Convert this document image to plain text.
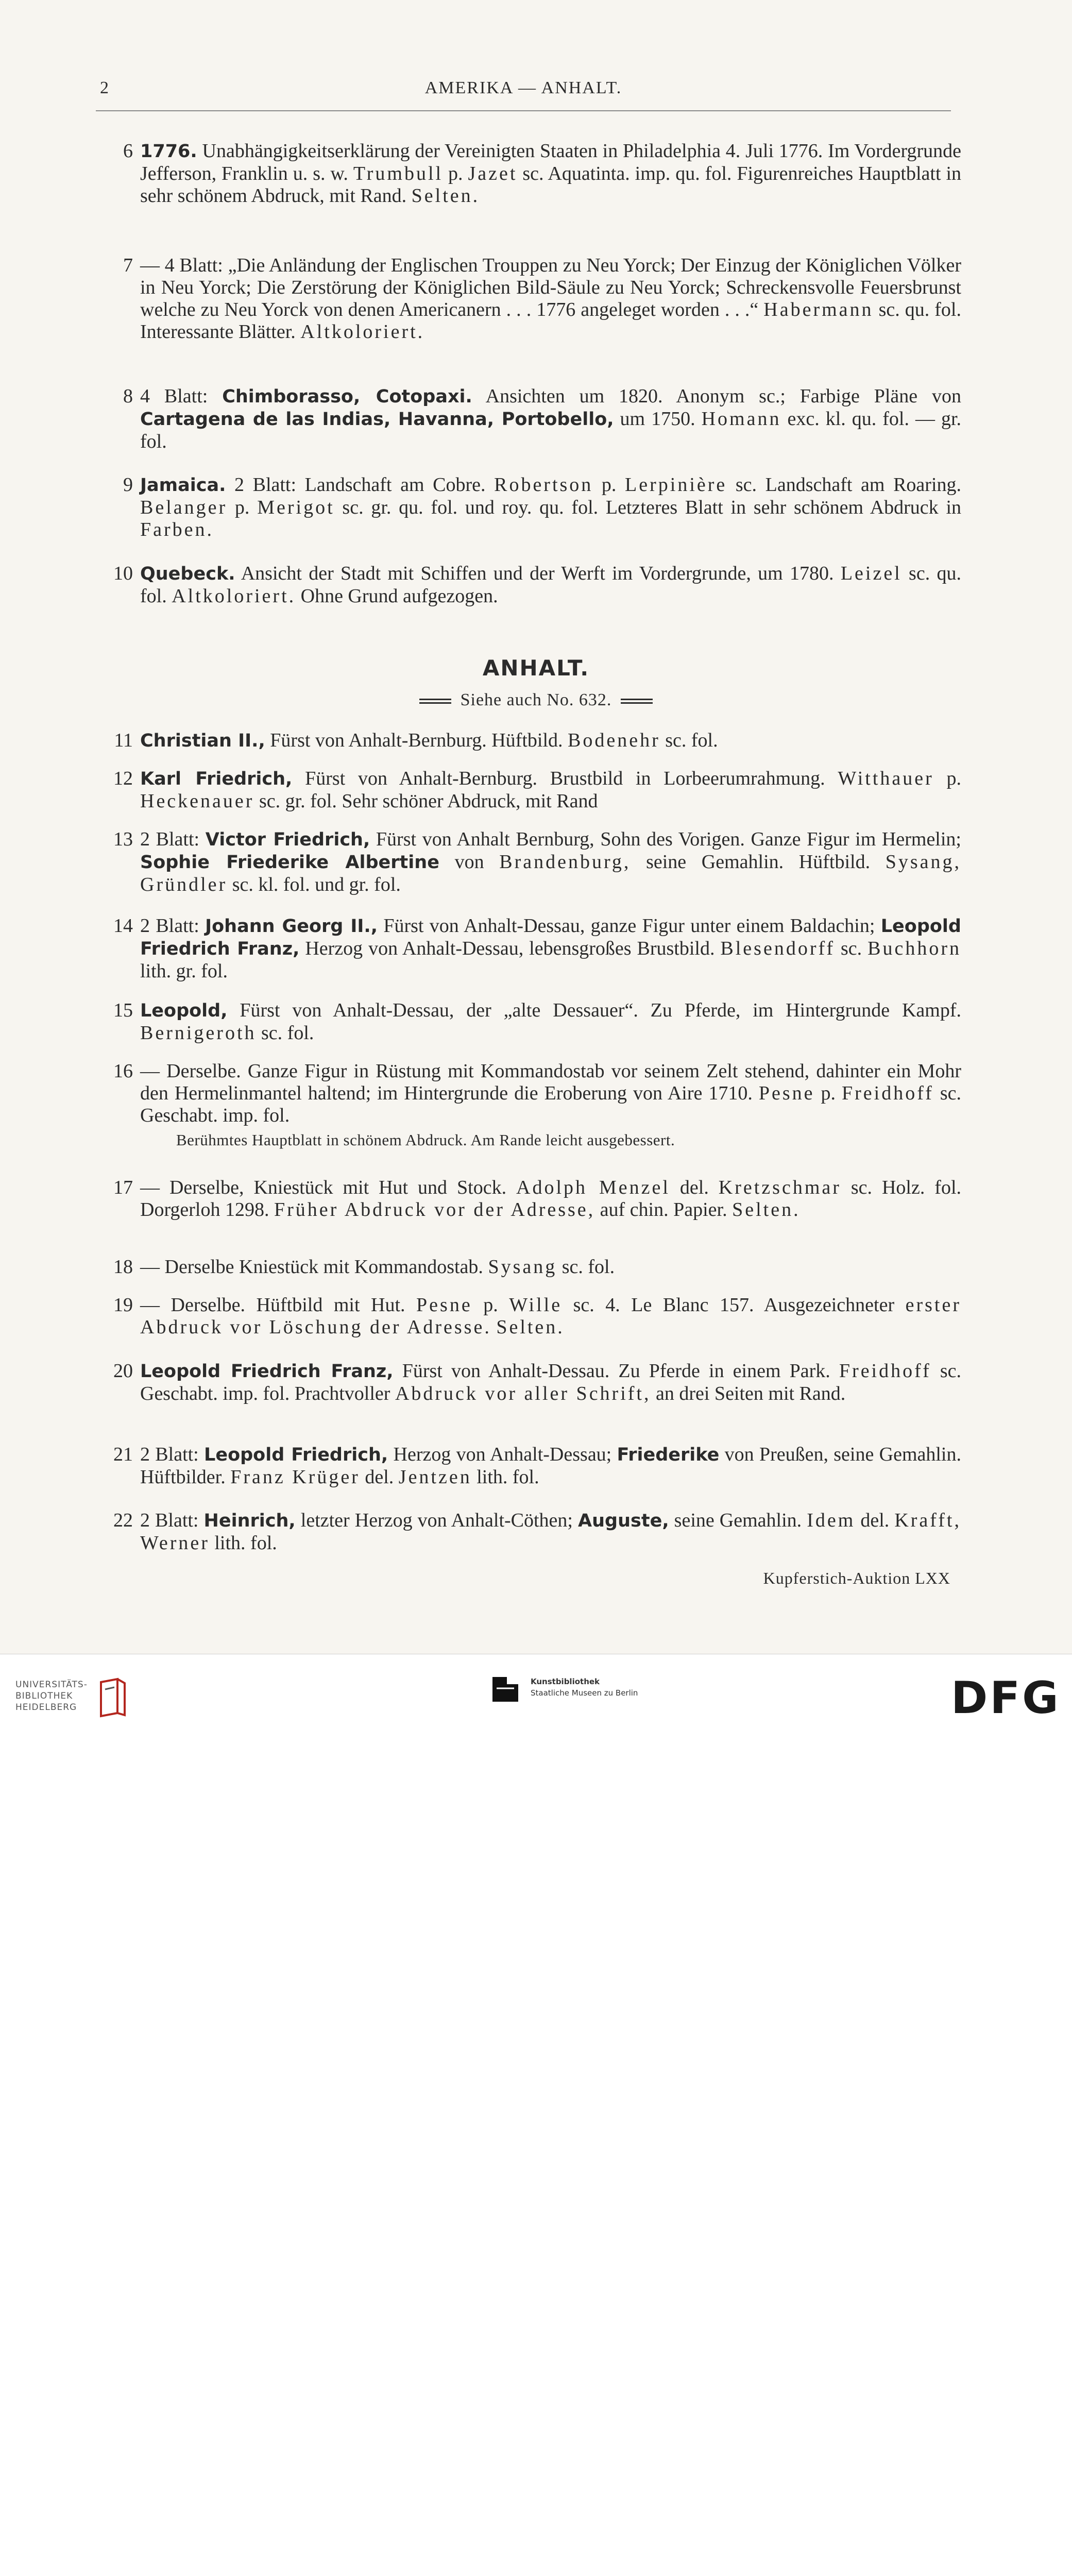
2	AMERIKA — ANHALT.
6 1776. Unabhängigkeitserklärung der Vereinigten Staaten in Philadelphia 4. Juli 1776. Im Vordergrunde Jefferson, Franklin u. s. w. Trumbull p. Jazet sc. Aquatinta. imp. qu. fol. Figurenreiches Hauptblatt in sehr schönem Abdruck, mit Rand. Selten.
7 — 4 Blatt: „Die Anländung der Englischen Trouppen zu Neu Yorck; Der Einzug der Königlichen Völker in Neu Yorck; Die Zerstörung der Königlichen Bild-Säule zu Neu Yorck; Schreckensvolle Feuersbrunst welche zu Neu Yorck von denen Americanern . . . 1776 angeleget worden . . .“ Habermann sc. qu. fol. Interessante Blätter. Altkoloriert.
8 4 Blatt: Chimborasso, Cotopaxi. Ansichten um 1820. Anonym sc.; Farbige Pläne von Cartagena de las Indias, Havanna, Portobello, um 1750. Homann exc. kl. qu. fol. — gr. fol.
9 Jamaica. 2 Blatt: Landschaft am Cobre. Robertson p. Lerpinière sc. Landschaft am Roaring. Belanger p. Merigot sc. gr. qu. fol. und roy. qu. fol. Letzteres Blatt in sehr schönem Abdruck in Farben.
10 Quebeck. Ansicht der Stadt mit Schiffen und der Werft im Vordergrunde, um 1780. Leizel sc. qu. fol. Altkoloriert. Ohne Grund aufgezogen.
ANHALT.
Siehe auch No. 632.
11 Christian II., Fürst von Anhalt-Bernburg. Hüftbild. Bodenehr sc. fol.
12 Karl Friedrich, Fürst von Anhalt-Bernburg. Brustbild in Lorbeerumrahmung. Witthauer p. Heckenauer sc. gr. fol. Sehr schöner Abdruck, mit Rand
13 2 Blatt: Victor Friedrich, Fürst von Anhalt Bernburg, Sohn des Vorigen. Ganze Figur im Hermelin; Sophie Friederike Albertine von Brandenburg, seine Gemahlin. Hüftbild. Sysang, Gründler sc. kl. fol. und gr. fol.
14 2 Blatt: Johann Georg II., Fürst von Anhalt-Dessau, ganze Figur unter einem Baldachin; Leopold Friedrich Franz, Herzog von Anhalt-Dessau, lebensgroßes Brustbild. Blesendorff sc. Buchhorn lith. gr. fol.
15 Leopold, Fürst von Anhalt-Dessau, der „alte Dessauer“. Zu Pferde, im Hintergrunde Kampf. Bernigeroth sc. fol.
16 — Derselbe. Ganze Figur in Rüstung mit Kommandostab vor seinem Zelt stehend, dahinter ein Mohr den Hermelinmantel haltend; im Hintergrunde die Eroberung von Aire 1710. Pesne p. Freidhoff sc. Geschabt. imp. fol.
Berühmtes Hauptblatt in schönem Abdruck. Am Rande leicht ausgebessert.
17 — Derselbe, Kniestück mit Hut und Stock. Adolph Menzel del. Kretzschmar sc. Holz. fol. Dorgerloh 1298. Früher Abdruck vor der Adresse, auf chin. Papier. Selten.
18 — Derselbe Kniestück mit Kommandostab. Sysang sc. fol.
19 — Derselbe. Hüftbild mit Hut. Pesne p. Wille sc. 4. Le Blanc 157. Ausgezeichneter erster Abdruck vor Löschung der Adresse. Selten.
20 Leopold Friedrich Franz, Fürst von Anhalt-Dessau. Zu Pferde in einem Park. Freidhoff sc. Geschabt. imp. fol. Prachtvoller Abdruck vor aller Schrift, an drei Seiten mit Rand.
21 2 Blatt: Leopold Friedrich, Herzog von Anhalt-Dessau; Friederike von Preußen, seine Gemahlin. Hüftbilder. Franz Krüger del. Jentzen lith. fol.
22 2 Blatt: Heinrich, letzter Herzog von Anhalt-Cöthen; Auguste, seine Gemahlin. Idem del. Krafft, Werner lith. fol.
Kupferstich-Auktion LXX
UNIVERSITÄTS-
BIBLIOTHEK
HEIDELBERG
Kunstbibliothek
Staatliche Museen zu Berlin	DFG
